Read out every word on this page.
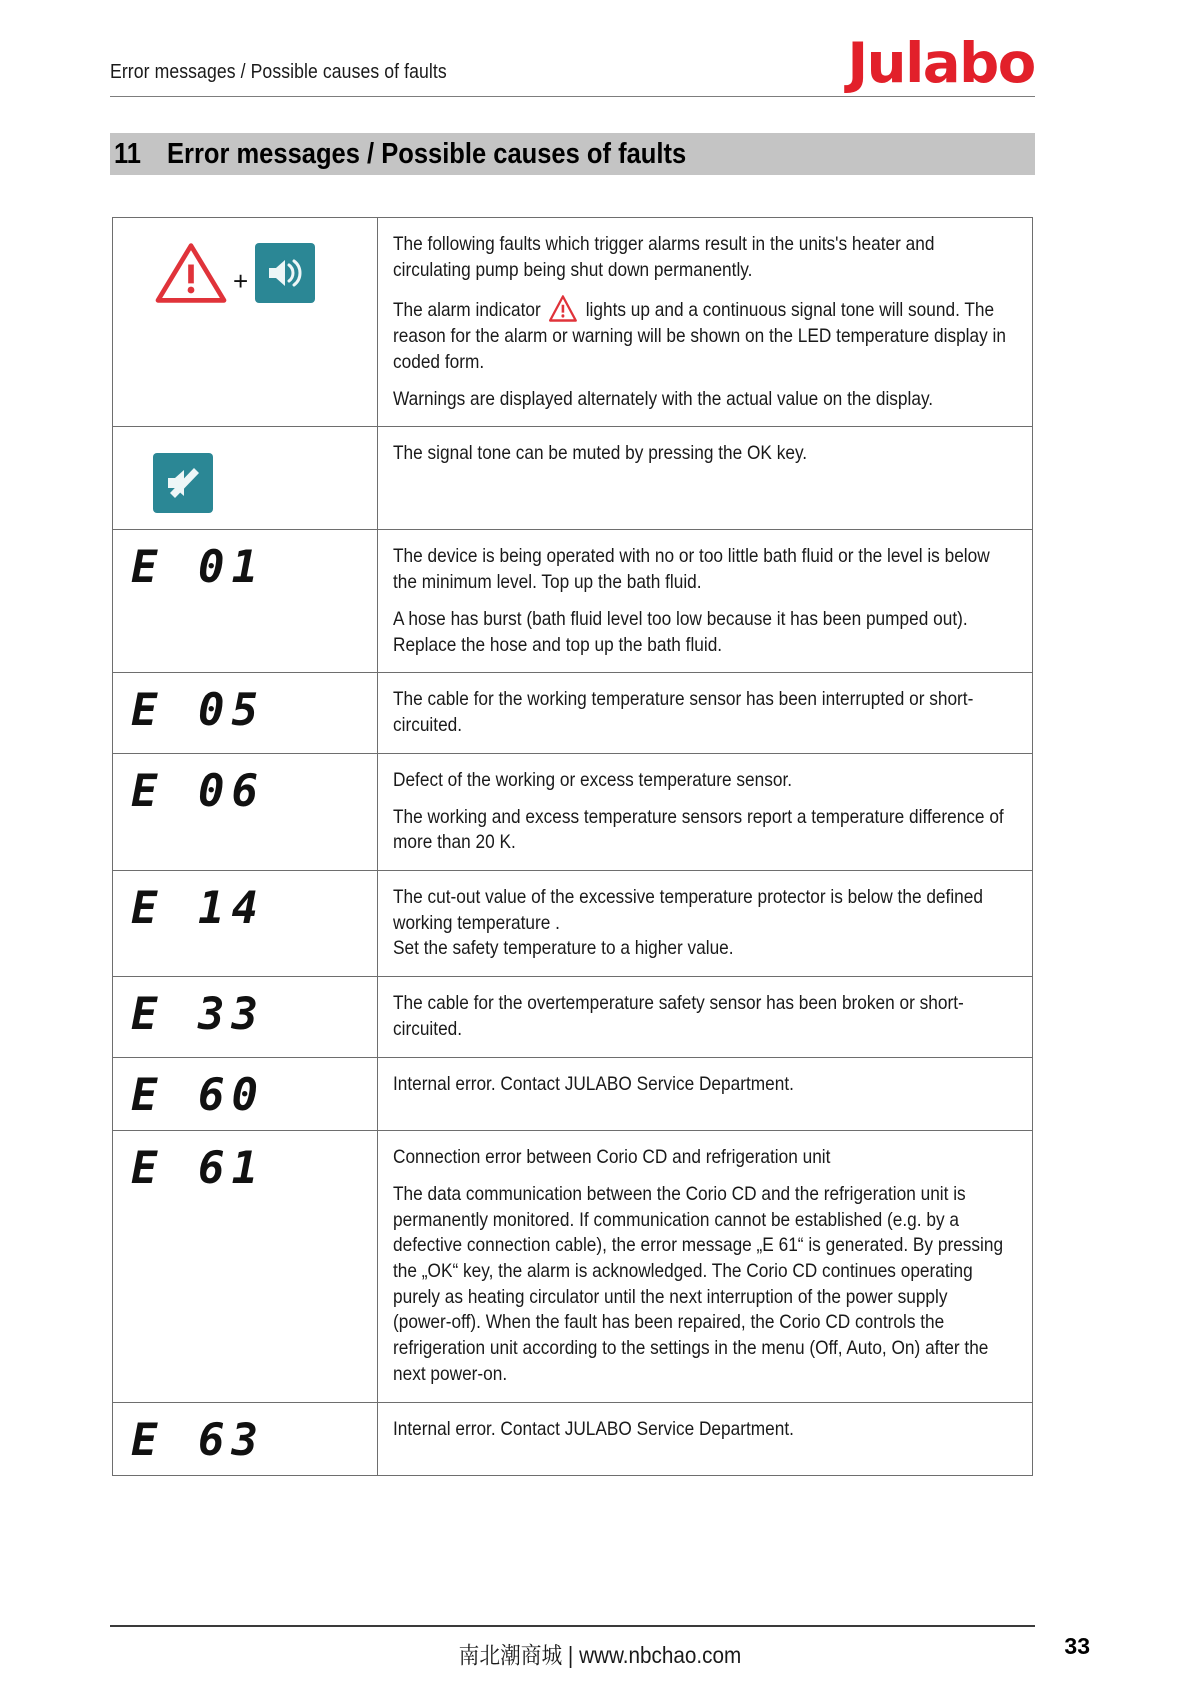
Error messages / Possible causes of faults	Julabo
11 Error messages / Possible causes of faults
+	The following faults which trigger alarms result in the units's heater and circulating pump being shut down permanently.

The alarm indicator lights up and a continuous signal tone will sound. The reason for the alarm or warning will be shown on the LED temperature display in coded form.

Warnings are displayed alternately with the actual value on the display.

The signal tone can be muted by pressing the OK key.

E 01	The device is being operated with no or too little bath fluid or the level is below the minimum level. Top up the bath fluid.

A hose has burst (bath fluid level too low because it has been pumped out). Replace the hose and top up the bath fluid.

E 05	The cable for the working temperature sensor has been interrupted or short-circuited.

E 06	Defect of the working or excess temperature sensor.

The working and excess temperature sensors report a temperature difference of more than 20 K.

E 14	The cut-out value of the excessive temperature protector is below the defined working temperature .

Set the safety temperature to a higher value.

E 33	The cable for the overtemperature safety sensor has been broken or short-circuited.

E 60	Internal error. Contact JULABO Service Department.

E 61	Connection error between Corio CD and refrigeration unit

The data communication between the Corio CD and the refrigeration unit is permanently monitored. If communication cannot be established (e.g. by a defective connection cable), the error message „E 61“ is generated. By pressing the „OK“ key, the alarm is acknowledged. The Corio CD continues operating purely as heating circulator until the next interruption of the power supply (power-off). When the fault has been repaired, the Corio CD controls the refrigeration unit according to the settings in the menu (Off, Auto, On) after the next power-on.

E 63	Internal error. Contact JULABO Service Department.

南北潮商城 | www.nbchao.com	33
